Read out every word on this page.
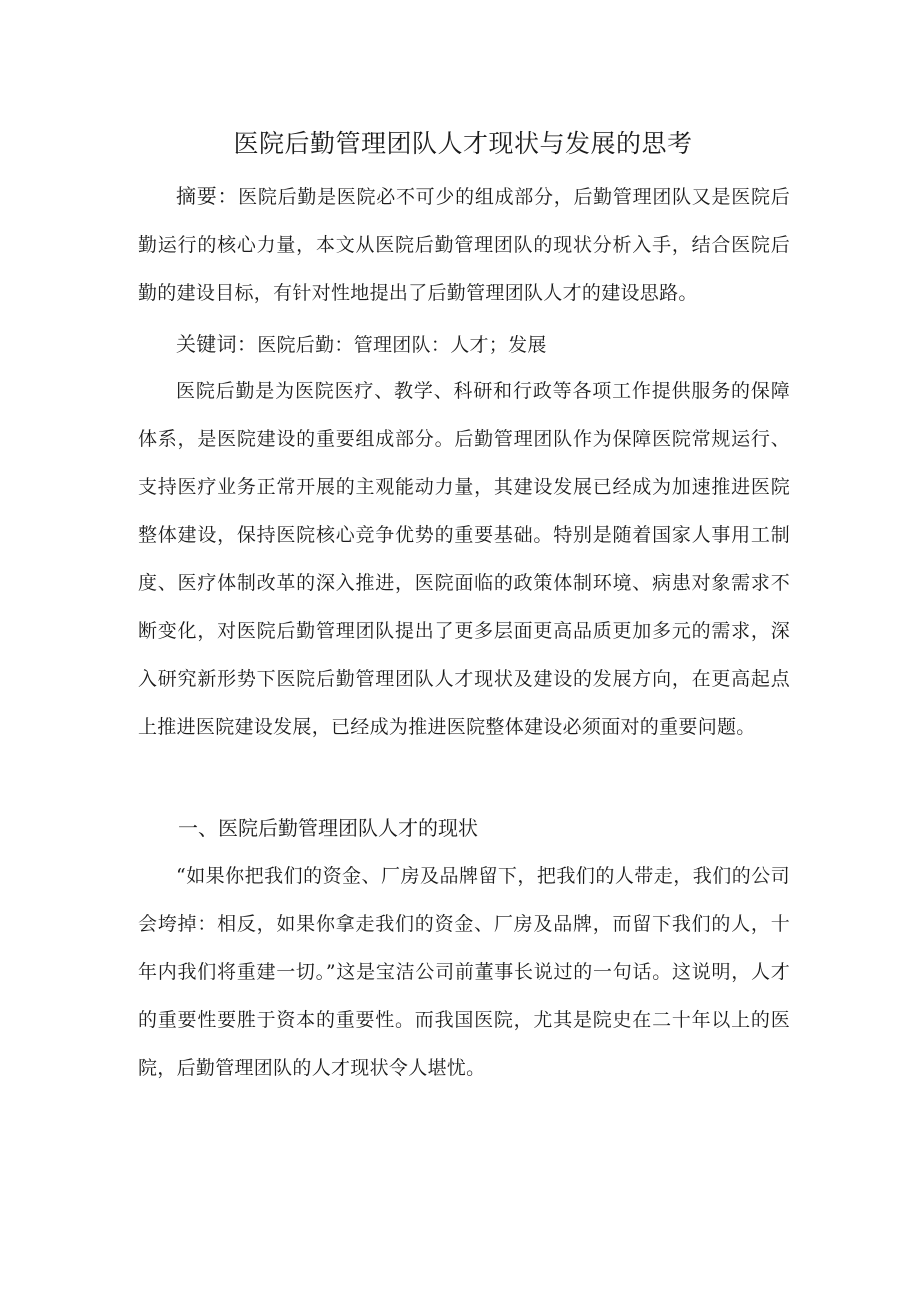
医院后勤管理团队人才现状与发展的思考

摘要：医院后勤是医院必不可少的组成部分，后勤管理团队又是医院后勤运行的核心力量，本文从医院后勤管理团队的现状分析入手，结合医院后勤的建设目标，有针对性地提出了后勤管理团队人才的建设思路。

关键词：医院后勤：管理团队：人才；发展

医院后勤是为医院医疗、教学、科研和行政等各项工作提供服务的保障体系，是医院建设的重要组成部分。后勤管理团队作为保障医院常规运行、支持医疗业务正常开展的主观能动力量，其建设发展已经成为加速推进医院整体建设，保持医院核心竞争优势的重要基础。特别是随着国家人事用工制度、医疗体制改革的深入推进，医院面临的政策体制环境、病患对象需求不断变化，对医院后勤管理团队提出了更多层面更高品质更加多元的需求，深入研究新形势下医院后勤管理团队人才现状及建设的发展方向，在更高起点上推进医院建设发展，已经成为推进医院整体建设必须面对的重要问题。

一、医院后勤管理团队人才的现状

“如果你把我们的资金、厂房及品牌留下，把我们的人带走，我们的公司会垮掉：相反，如果你拿走我们的资金、厂房及品牌，而留下我们的人，十年内我们将重建一切。”这是宝洁公司前董事长说过的一句话。这说明，人才的重要性要胜于资本的重要性。而我国医院，尤其是院史在二十年以上的医院，后勤管理团队的人才现状令人堪忧。
